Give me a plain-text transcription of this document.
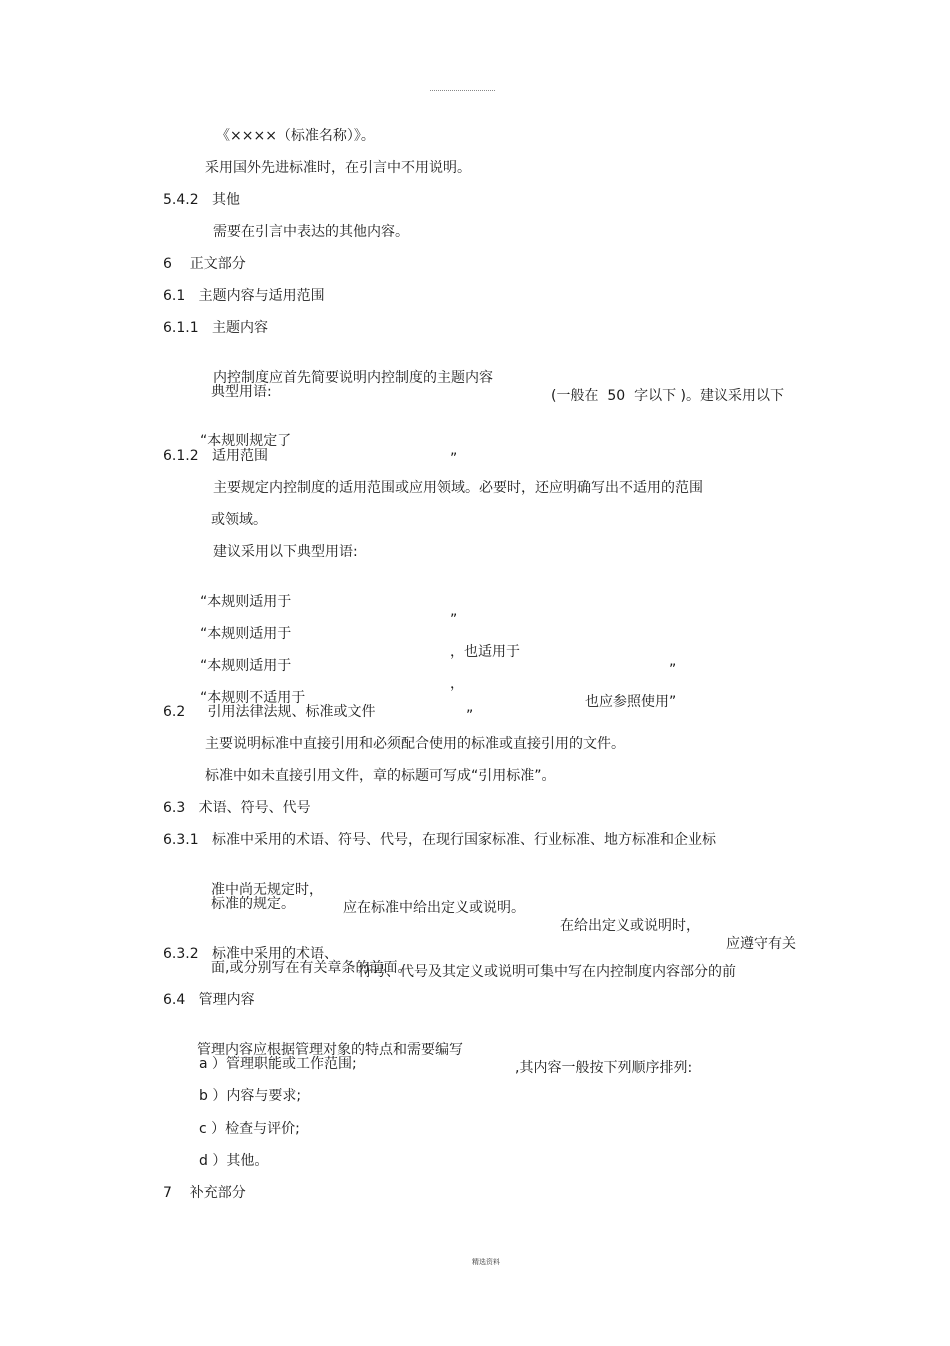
《××××（标准名称）》。
采用国外先进标准时，在引言中不用说明。
5.4.2   其他
需要在引言中表达的其他内容。
6    正文部分
6.1   主题内容与适用范围
6.1.1   主题内容

内控制度应首先简要说明内控制度的主题内容

(一般在  50  字以下 )。建议采用以下

典型用语:

“本规则规定了

”

6.1.2   适用范围
主要规定内控制度的适用范围或应用领域。必要时，还应明确写出不适用的范围
或领域。
建议采用以下典型用语:

“本规则适用于

”

“本规则适用于

，也适用于

”

“本规则适用于

，

也应参照使用”

“本规则不适用于

”

6.2     引用法律法规、标准或文件
主要说明标准中直接引用和必须配合使用的标准或直接引用的文件。
标准中如未直接引用文件，章的标题可写成“引用标准”。
6.3   术语、符号、代号
6.3.1   标准中采用的术语、符号、代号，在现行国家标准、行业标准、地方标准和企业标

准中尚无规定时，

应在标准中给出定义或说明。

在给出定义或说明时，

应遵守有关

标准的规定。

6.3.2   标准中采用的术语、

符号、代号及其定义或说明可集中写在内控制度内容部分的前

面,或分别写在有关章条的前面。
6.4   管理内容

管理内容应根据管理对象的特点和需要编写

,其内容一般按下列顺序排列:

a ）管理职能或工作范围;
b ）内容与要求;
c ）检查与评价;
d ）其他。
7    补充部分
精选资料
